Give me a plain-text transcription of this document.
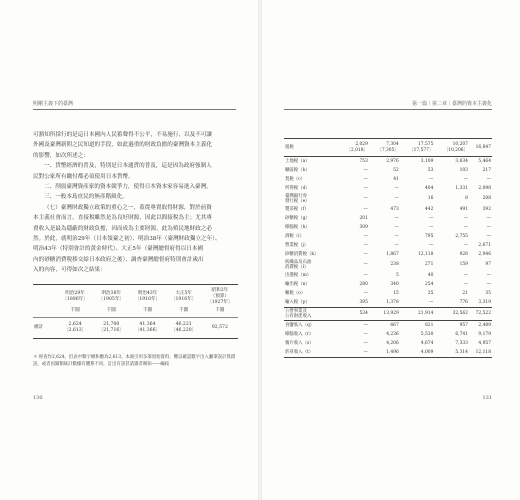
明剛主義下的臺灣

可豁知所採行的是這日本國內人民蓄聲得不公平，不易施行，以及不可讓

外國及臺灣新附之民知道的手段，如此過重的財政負擔的臺灣資本主義化

的影響，如次所述之：

一、貨幣經濟的普及，特別是日本通貨的普及，這是因為政府強制人

民對公家所有繳付都必須使用日本貨幣。

二、削弱臺灣資產家的資本競爭力，使得日本資本家容易進入臺灣。

三、一般本島庶民的無產階級化。

（七）臺灣財政獨立政策的重心之一，蓋從專賣取得財源，對於前資

本主義社會而言，直接稅雖然是為良好財源，因此以間接稅為主；尤其專

賣收入是最為隱蔽的財政負擔，因而成為主要財源，此為殖民地財政之必

然。於此，就明治29年（日本領臺之初）、明治38年（臺灣財政獨立之年）、

明治43年（特別會計的黃金時代）、大正5年（臺灣總督府得以日本國

內的砂糖消費稅移交給日本政府之後）、調查臺灣總督府特別會計歲出

入的內容，可得如次之結果：

	明治29年
〔1896年〕	明治38年
〔1905年〕	明治43年
〔1910年〕	大正5年
〔1916年〕	昭和2年
（預算）
〔1927年〕
	千圓	千圓	千圓	千圓	千圓
總計	2,624
〔2,613〕	21,700
〔21,716〕	41,364
〔41,366〕	46,221
〔46,220〕	92,572
＊ 經查作2,624，但表中數字總和應為2,613。本處引用多筆原始資料，難以確認數字出入屬筆誤計算錯誤，或者因歸類統計數據有體系不同，訂出有誤甚請讀者賜知――編按
130
第一篇｜第二章｜臺灣的資本主義化
租稅	2,029
〔2,018〕	7,304
〔7,305〕	17,575
〔17,577〕	10,207
〔10,206〕	16,847
土地稅（a）	753	2,976	3,109	3,634	5,464
礦區稅（b）	—	52	53	103	217
契稅（c）	—	41	—	—	—
所得稅（d）	—	—	404	1,331	2,098
臺灣銀行券
發行稅（e）	—	—	16	8	208
製茶稅（f）	—	473	442	491	392
砂糖稅（g）	201	—	—	—	—
樟腦稅（h）	309	—	—	—	—
酒稅（i）	—	—	795	2,755	—
營業稅（j）	—	—	—	—	2,671
砂糖消費稅（k）	—	1,867	12,118	928	2,946
紡織品及石油
消費稅（l）	—	238	271	159	97
出港稅（m）	—	5	40	—	—
輸出稅（n）	280	340	254	—	—
噸稅（o）	—	15	25	21	35
輸入稅（p）	395	1,378	—	776	3,319
公營事業及
公有財產收入	534	13,929	21,914	32,562	72,522
食鹽收入（q）	—	667	821	957	2,489
樟腦收入（r）	—	4,236	5,530	6,741	9,179
鴉片收入（s）	—	4,206	4,674	7,333	4,957
菸草收入（t）	—	1,496	4,009	5,314	12,118
131
